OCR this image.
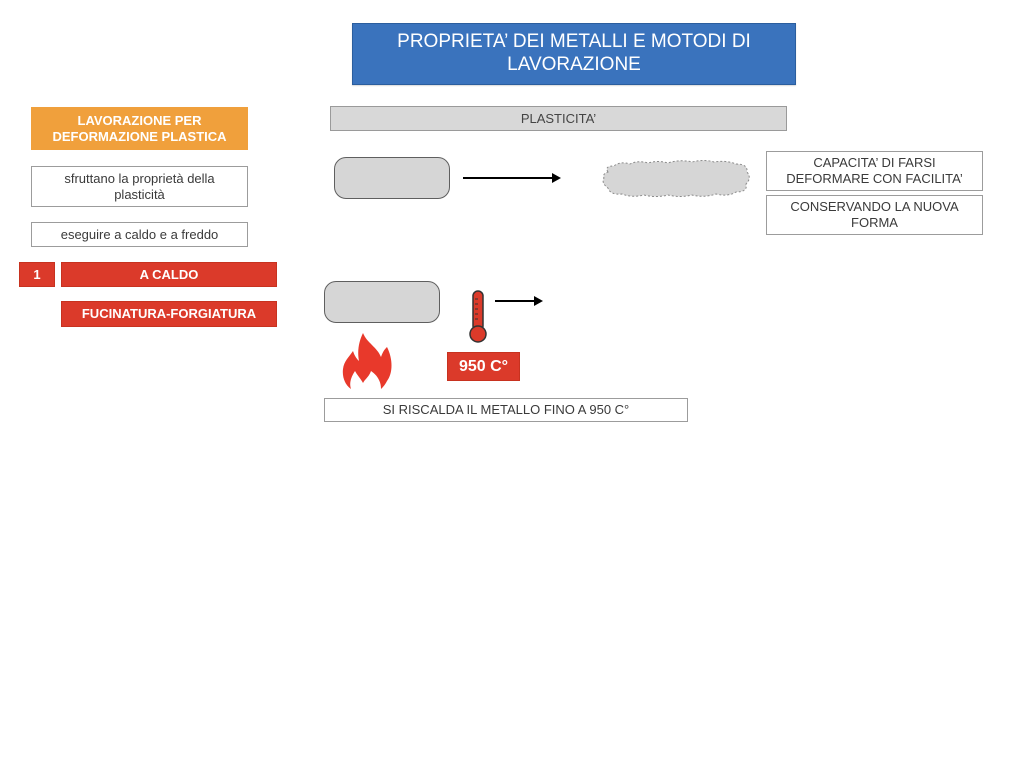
PROPRIETA’ DEI METALLI E MOTODI DI LAVORAZIONE
LAVORAZIONE PER DEFORMAZIONE PLASTICA
sfruttano la proprietà della plasticità
eseguire a caldo e a freddo
1	A CALDO
FUCINATURA-FORGIATURA
PLASTICITA’
CAPACITA’ DI FARSI DEFORMARE CON FACILITA’
CONSERVANDO LA NUOVA FORMA
950 C°
SI RISCALDA IL METALLO FINO A 950 C°
